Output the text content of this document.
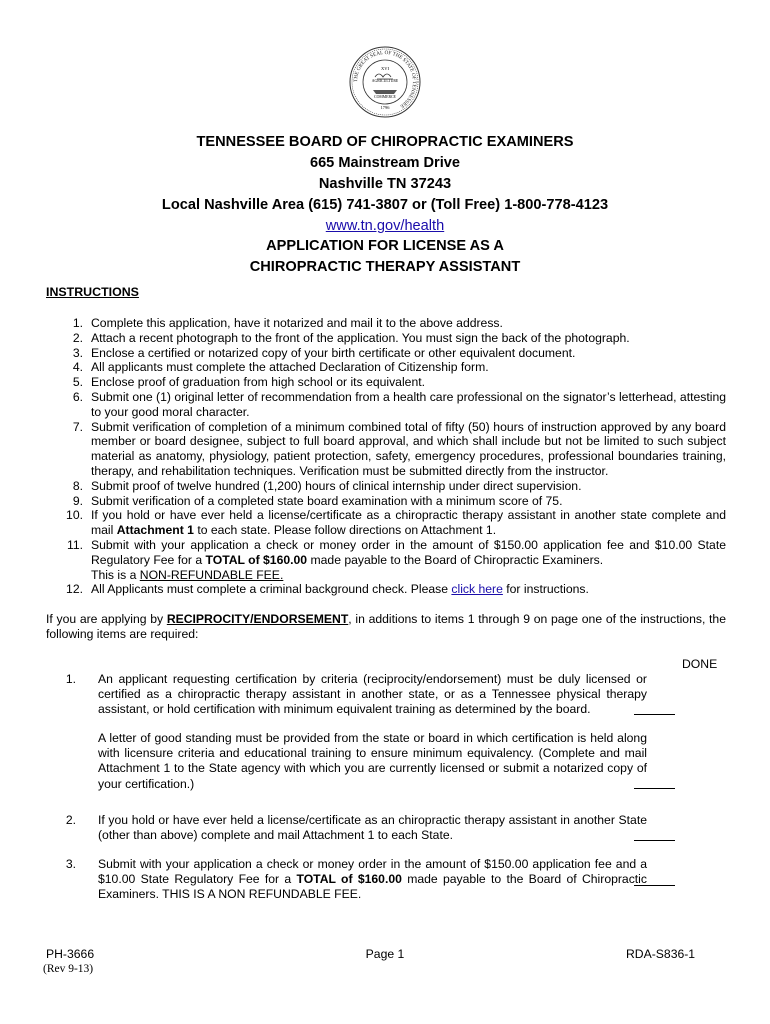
THE GREAT SEAL OF THE STATE OF TENNESSEE
XVI
AGRICULTURE
COMMERCE
1796
TENNESSEE BOARD OF CHIROPRACTIC EXAMINERS
665 Mainstream Drive
Nashville TN 37243
Local Nashville Area (615) 741-3807 or (Toll Free) 1-800-778-4123
www.tn.gov/health
APPLICATION FOR LICENSE AS A
CHIROPRACTIC THERAPY ASSISTANT
INSTRUCTIONS
1. Complete this application, have it notarized and mail it to the above address.
2. Attach a recent photograph to the front of the application. You must sign the back of the photograph.
3. Enclose a certified or notarized copy of your birth certificate or other equivalent document.
4. All applicants must complete the attached Declaration of Citizenship form.
5. Enclose proof of graduation from high school or its equivalent.
6. Submit one (1) original letter of recommendation from a health care professional on the signator’s letterhead, attesting to your good moral character.
7. Submit verification of completion of a minimum combined total of fifty (50) hours of instruction approved by any board member or board designee, subject to full board approval, and which shall include but not be limited to such subject material as anatomy, physiology, patient protection, safety, emergency procedures, professional boundaries training, therapy, and rehabilitation techniques. Verification must be submitted directly from the instructor.
8. Submit proof of twelve hundred (1,200) hours of clinical internship under direct supervision.
9. Submit verification of a completed state board examination with a minimum score of 75.
10. If you hold or have ever held a license/certificate as a chiropractic therapy assistant in another state complete and mail Attachment 1 to each state. Please follow directions on Attachment 1.
11. Submit with your application a check or money order in the amount of $150.00 application fee and $10.00 State Regulatory Fee for a TOTAL of $160.00 made payable to the Board of Chiropractic Examiners.
This is a NON-REFUNDABLE FEE.
12. All Applicants must complete a criminal background check. Please click here for instructions.
If you are applying by RECIPROCITY/ENDORSEMENT, in additions to items 1 through 9 on page one of the instructions, the following items are required:
DONE
1. An applicant requesting certification by criteria (reciprocity/endorsement) must be duly licensed or certified as a chiropractic therapy assistant in another state, or as a Tennessee physical therapy assistant, or hold certification with minimum equivalent training as determined by the board.
A letter of good standing must be provided from the state or board in which certification is held along with licensure criteria and educational training to ensure minimum equivalency. (Complete and mail Attachment 1 to the State agency with which you are currently licensed or submit a notarized copy of your certification.)
2. If you hold or have ever held a license/certificate as an chiropractic therapy assistant in another State (other than above) complete and mail Attachment 1 to each State.
3. Submit with your application a check or money order in the amount of $150.00 application fee and a $10.00 State Regulatory Fee for a TOTAL of $160.00 made payable to the Board of Chiropractic Examiners. THIS IS A NON REFUNDABLE FEE.
PH-3666	Page 1	RDA-S836-1
(Rev 9-13)
